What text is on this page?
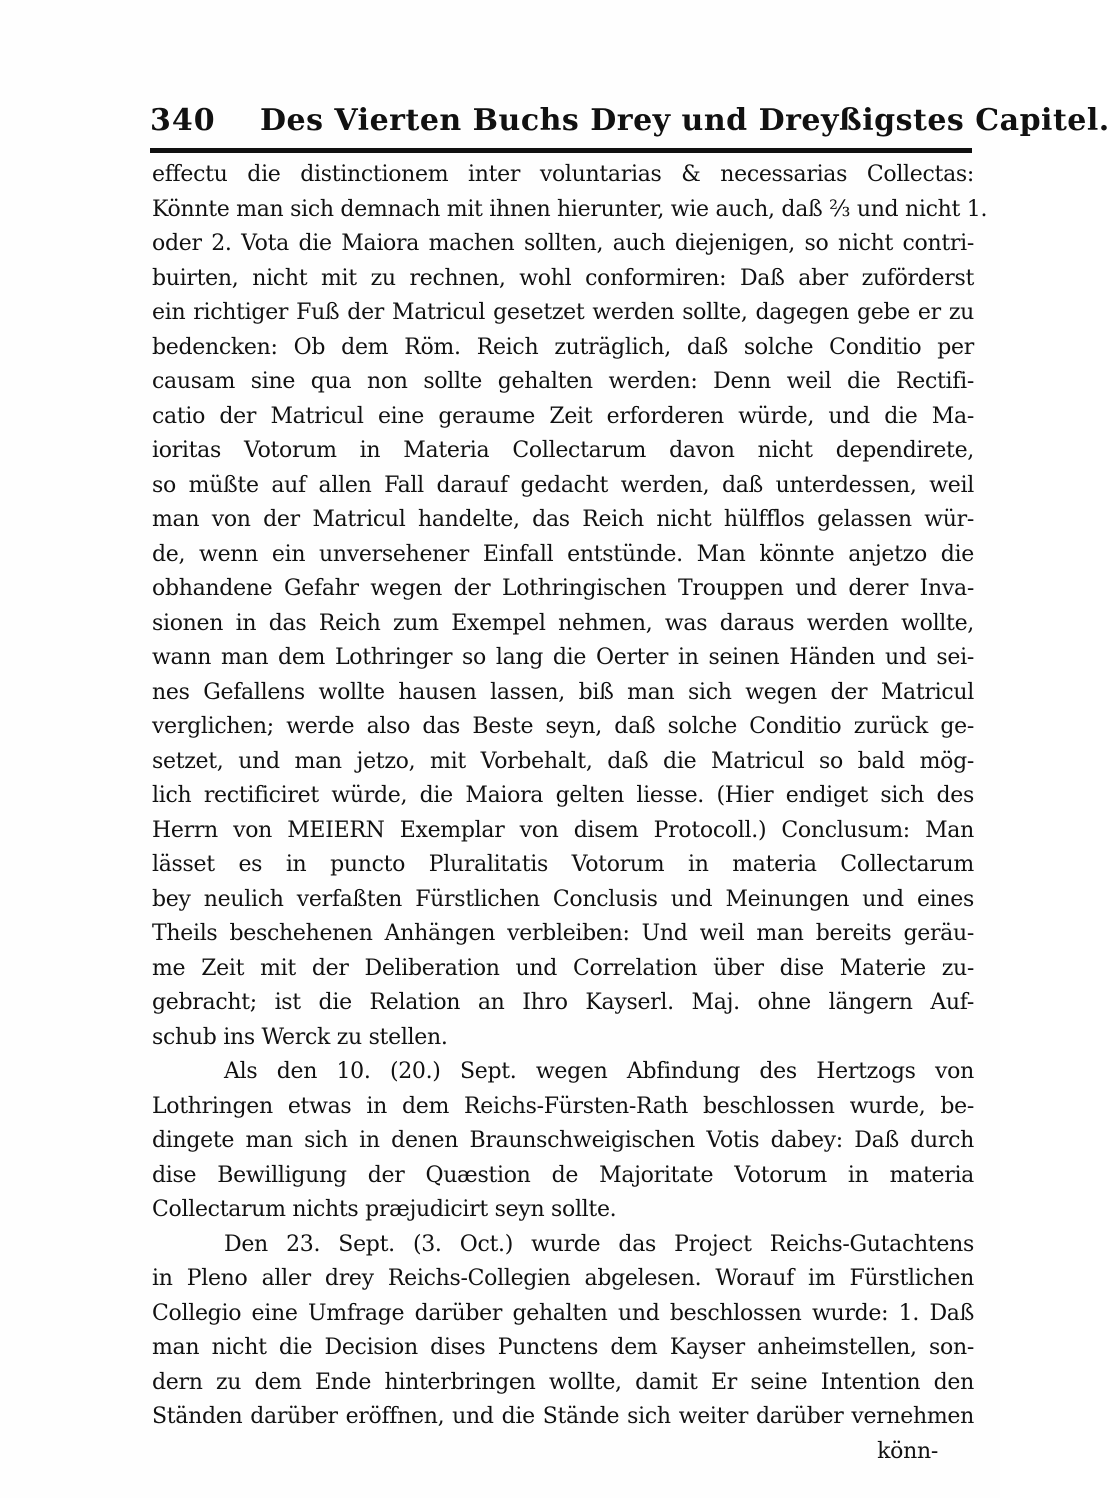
340 Des Vierten Buchs Drey und Dreyßigstes Capitel.
effectu die distinctionem inter voluntarias & necessarias Collectas:
Könnte man sich demnach mit ihnen hierunter, wie auch, daß ⅔ und nicht 1.
oder 2. Vota die Maiora machen sollten, auch diejenigen, so nicht contri-
buirten, nicht mit zu rechnen, wohl conformiren: Daß aber zuförderst
ein richtiger Fuß der Matricul gesetzet werden sollte, dagegen gebe er zu
bedencken: Ob dem Röm. Reich zuträglich, daß solche Conditio per
causam sine qua non sollte gehalten werden: Denn weil die Rectifi-
catio der Matricul eine geraume Zeit erforderen würde, und die Ma-
ioritas Votorum in Materia Collectarum davon nicht dependirete,
so müßte auf allen Fall darauf gedacht werden, daß unterdessen, weil
man von der Matricul handelte, das Reich nicht hülfflos gelassen wür-
de, wenn ein unversehener Einfall entstünde. Man könnte anjetzo die
obhandene Gefahr wegen der Lothringischen Trouppen und derer Inva-
sionen in das Reich zum Exempel nehmen, was daraus werden wollte,
wann man dem Lothringer so lang die Oerter in seinen Händen und sei-
nes Gefallens wollte hausen lassen, biß man sich wegen der Matricul
verglichen; werde also das Beste seyn, daß solche Conditio zurück ge-
setzet, und man jetzo, mit Vorbehalt, daß die Matricul so bald mög-
lich rectificiret würde, die Maiora gelten liesse. (Hier endiget sich des
Herrn von MEIERN Exemplar von disem Protocoll.) Conclusum: Man
lässet es in puncto Pluralitatis Votorum in materia Collectarum
bey neulich verfaßten Fürstlichen Conclusis und Meinungen und eines
Theils beschehenen Anhängen verbleiben: Und weil man bereits geräu-
me Zeit mit der Deliberation und Correlation über dise Materie zu-
gebracht; ist die Relation an Ihro Kayserl. Maj. ohne längern Auf-
schub ins Werck zu stellen.
Als den 10. (20.) Sept. wegen Abfindung des Hertzogs von
Lothringen etwas in dem Reichs-Fürsten-Rath beschlossen wurde, be-
dingete man sich in denen Braunschweigischen Votis dabey: Daß durch
dise Bewilligung der Quæstion de Majoritate Votorum in materia
Collectarum nichts præjudicirt seyn sollte.
Den 23. Sept. (3. Oct.) wurde das Project Reichs-Gutachtens
in Pleno aller drey Reichs-Collegien abgelesen. Worauf im Fürstlichen
Collegio eine Umfrage darüber gehalten und beschlossen wurde: 1. Daß
man nicht die Decision dises Punctens dem Kayser anheimstellen, son-
dern zu dem Ende hinterbringen wollte, damit Er seine Intention den
Ständen darüber eröffnen, und die Stände sich weiter darüber vernehmen
könn-
